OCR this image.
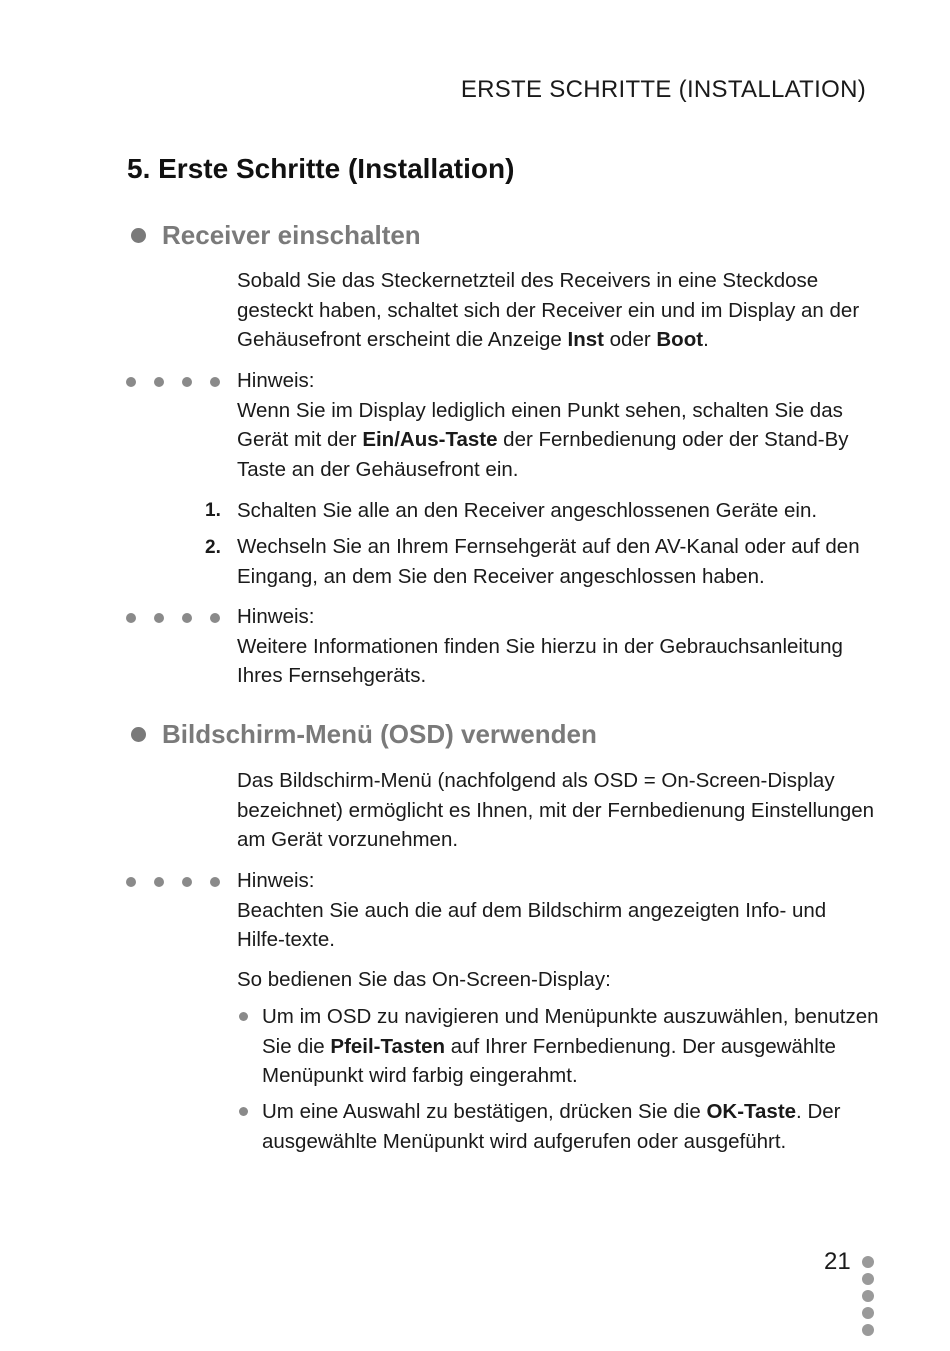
ERSTE SCHRITTE (INSTALLATION)
5. Erste Schritte (Installation)
Receiver einschalten
Sobald Sie das Steckernetzteil des Receivers in eine Steckdose gesteckt haben, schaltet sich der Receiver ein und im Display an der Gehäusefront erscheint die Anzeige Inst oder Boot.
Hinweis:
Wenn Sie im Display lediglich einen Punkt sehen, schalten Sie das Gerät mit der Ein/Aus-Taste der Fernbedienung oder der Stand-By Taste an der Gehäusefront ein.
1. Schalten Sie alle an den Receiver angeschlossenen Geräte ein.
2. Wechseln Sie an Ihrem Fernsehgerät auf den AV-Kanal oder auf den Eingang, an dem Sie den Receiver angeschlossen haben.
Hinweis:
Weitere Informationen finden Sie hierzu in der Gebrauchsanleitung Ihres Fernsehgeräts.
Bildschirm-Menü (OSD) verwenden
Das Bildschirm-Menü (nachfolgend als OSD = On-Screen-Display bezeichnet) ermöglicht es Ihnen, mit der Fernbedienung Einstellungen am Gerät vorzunehmen.
Hinweis:
Beachten Sie auch die auf dem Bildschirm angezeigten Info- und Hilfe-texte.
So bedienen Sie das On-Screen-Display:
Um im OSD zu navigieren und Menüpunkte auszuwählen, benutzen Sie die Pfeil-Tasten auf Ihrer Fernbedienung. Der ausgewählte Menüpunkt wird farbig eingerahmt.
Um eine Auswahl zu bestätigen, drücken Sie die OK-Taste. Der ausgewählte Menüpunkt wird aufgerufen oder ausgeführt.
21
